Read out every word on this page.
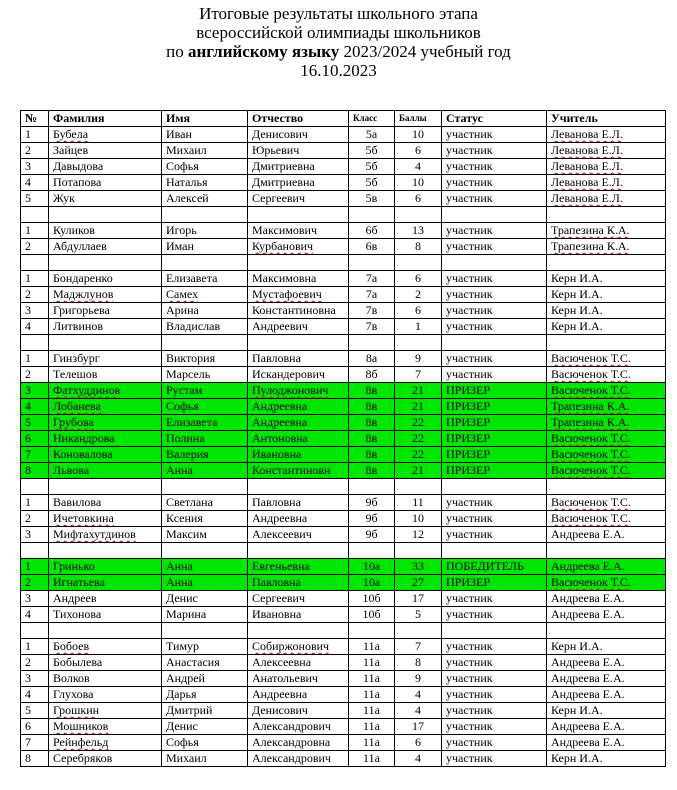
Итоговые результаты школьного этапа
всероссийской олимпиады школьников
по английскому языку 2023/2024 учебный год
16.10.2023
№	Фамилия	Имя	Отчество	Класс	Баллы	Статус	Учитель
1	Бубела	Иван	Денисович	5а	10	участник	Леванова Е.Л.
2	Зайцев	Михаил	Юрьевич	5б	6	участник	Леванова Е.Л.
3	Давыдова	Софья	Дмитриевна	5б	4	участник	Леванова Е.Л.
4	Потапова	Наталья	Дмитриевна	5б	10	участник	Леванова Е.Л.
5	Жук	Алексей	Сергеевич	5в	6	участник	Леванова Е.Л.

1	Куликов	Игорь	Максимович	6б	13	участник	Трапезина К.А.
2	Абдуллаев	Иман	Курбанович	6в	8	участник	Трапезина К.А.

1	Бондаренко	Елизавета	Максимовна	7а	6	участник	Керн И.А.
2	Маджлунов	Самех	Мустафоевич	7а	2	участник	Керн И.А.
3	Григорьева	Арина	Константиновна	7в	6	участник	Керн И.А.
4	Литвинов	Владислав	Андреевич	7в	1	участник	Керн И.А.

1	Гинзбург	Виктория	Павловна	8а	9	участник	Васюченок Т.С.
2	Телешов	Марсель	Искандерович	8б	7	участник	Васюченок Т.С.
3	Фатхуддинов	Рустам	Пулоджонович	8в	21	ПРИЗЕР	Васюченок Т.С.
4	Лобанева	Софья	Андреевна	8в	21	ПРИЗЕР	Трапезина К.А.
5	Грубова	Елизавета	Андреевна	8в	22	ПРИЗЕР	Трапезина К.А.
6	Никандрова	Полина	Антоновна	8в	22	ПРИЗЕР	Васюченок Т.С.
7	Коновалова	Валерия	Ивановна	8в	22	ПРИЗЕР	Васюченок Т.С.
8	Львова	Анна	Константиновн	8в	21	ПРИЗЕР	Васюченок Т.С.

1	Вавилова	Светлана	Павловна	9б	11	участник	Васюченок Т.С.
2	Ичетовкина	Ксения	Андреевна	9б	10	участник	Васюченок Т.С.
3	Мифтахутдинов	Максим	Алексеевич	9б	12	участник	Андреева Е.А.

1	Гринько	Анна	Евгеньевна	10а	33	ПОБЕДИТЕЛЬ	Андреева Е.А.
2	Игнатьева	Анна	Павловна	10а	27	ПРИЗЕР	Васюченок Т.С.
3	Андреев	Денис	Сергеевич	10б	17	участник	Андреева Е.А.
4	Тихонова	Марина	Ивановна	10б	5	участник	Андреева Е.А.

1	Бобоев	Тимур	Собиржонович	11а	7	участник	Керн И.А.
2	Бобылева	Анастасия	Алексеевна	11а	8	участник	Андреева Е.А.
3	Волков	Андрей	Анатольевич	11а	9	участник	Андреева Е.А.
4	Глухова	Дарья	Андреевна	11а	4	участник	Андреева Е.А.
5	Грошкин	Дмитрий	Денисович	11а	4	участник	Керн И.А.
6	Мошников	Денис	Александрович	11а	17	участник	Андреева Е.А.
7	Рейнфельд	Софья	Александровна	11а	6	участник	Андреева Е.А.
8	Серебряков	Михаил	Александрович	11а	4	участник	Керн И.А.
